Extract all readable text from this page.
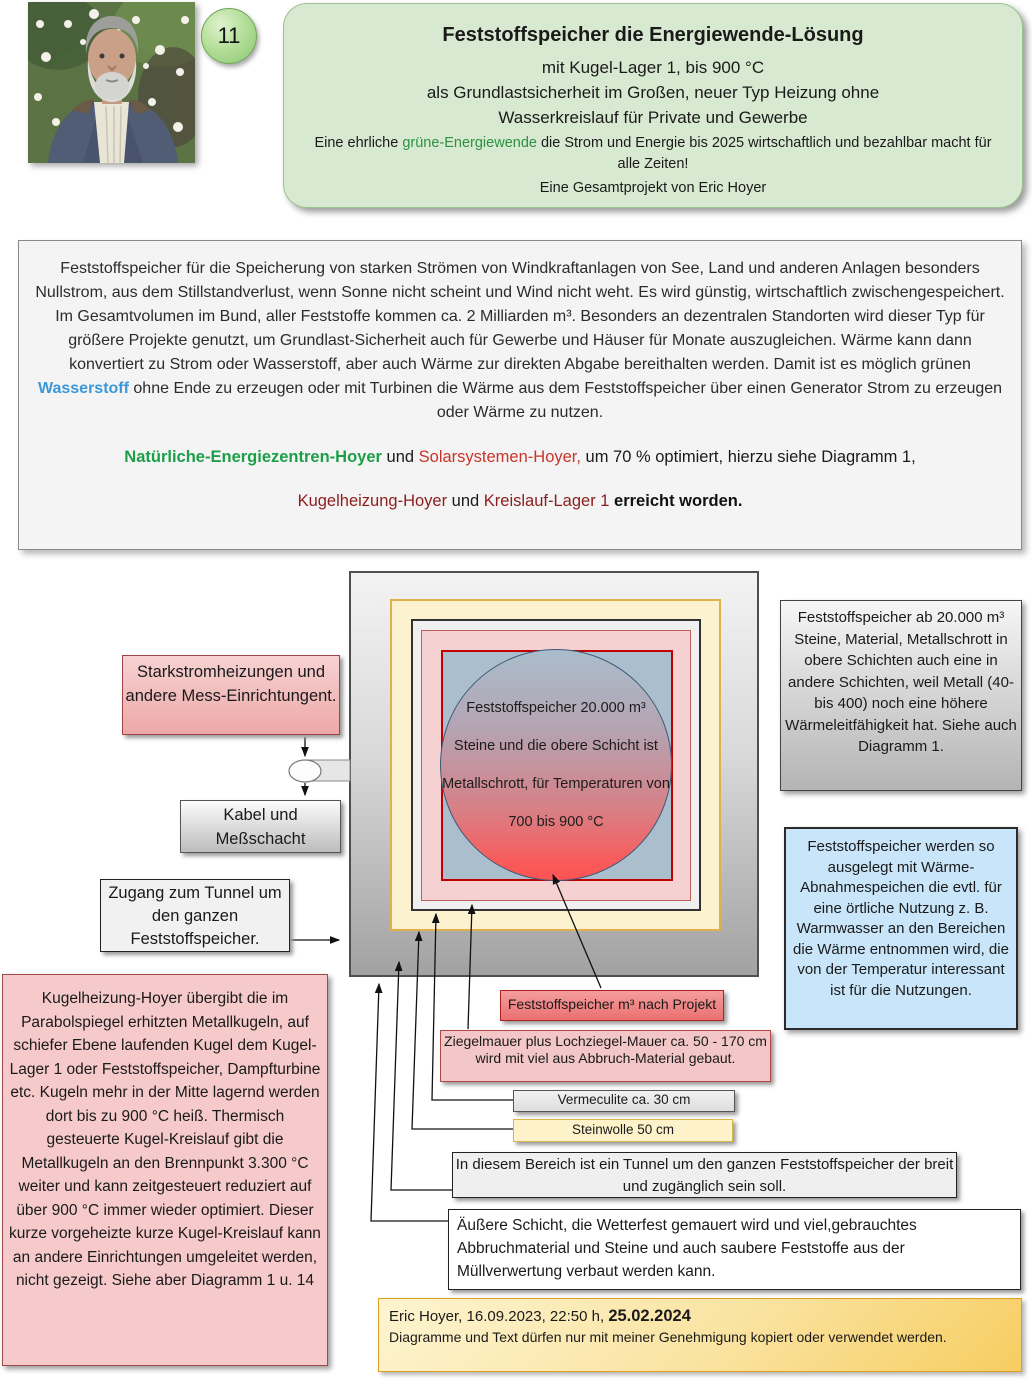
11	Feststoffspeicher die Energiewende-Lösung
mit Kugel-Lager 1, bis 900 °C
als Grundlastsicherheit im Großen, neuer Typ Heizung ohne
Wasserkreislauf für Private und Gewerbe
Eine ehrliche grüne-Energiewende die Strom und Energie bis 2025 wirtschaftlich und bezahlbar macht für alle Zeiten!
Eine Gesamtprojekt von Eric Hoyer

Feststoffspeicher für die Speicherung von starken Strömen von Windkraftanlagen von See, Land und anderen Anlagen besonders Nullstrom, aus dem Stillstandverlust, wenn Sonne nicht scheint und Wind nicht weht. Es wird günstig, wirtschaftlich zwischengespeichert. Im Gesamtvolumen im Bund, aller Feststoffe kommen ca. 2 Milliarden m³. Besonders an dezentralen Standorten wird dieser Typ für größere Projekte genutzt, um Grundlast-Sicherheit auch für Gewerbe und Häuser für Monate auszugleichen. Wärme kann dann konvertiert zu Strom oder Wasserstoff, aber auch Wärme zur direkten Abgabe bereithalten werden. Damit ist es möglich grünen Wasserstoff ohne Ende zu erzeugen oder mit Turbinen die Wärme aus dem Feststoffspeicher über einen Generator Strom zu erzeugen oder Wärme zu nutzen.

Natürliche-Energiezentren-Hoyer und Solarsystemen-Hoyer, um 70 % optimiert, hierzu siehe Diagramm 1,

Kugelheizung-Hoyer und Kreislauf-Lager 1 erreicht worden.

Feststoffspeicher 20.000 m³
Steine und die obere Schicht ist
Metallschrott, für Temperaturen von
700 bis 900 °C
Starkstromheizungen und andere Mess-Einrichtungent.
Kabel und Meßschacht
Zugang zum Tunnel um den ganzen Feststoffspeicher.
Feststoffspeicher ab 20.000 m³ Steine, Material, Metallschrott in obere Schichten auch eine in andere Schichten, weil Metall (40-bis 400) noch eine höhere Wärmeleitfähigkeit hat. Siehe auch Diagramm 1.
Feststoffspeicher werden so ausgelegt mit Wärme-Abnahmespeichen die evtl. für eine örtliche Nutzung z. B. Warmwasser an den Bereichen die Wärme entnommen wird, die von der Temperatur interessant ist für die Nutzungen.
Kugelheizung-Hoyer übergibt die im Parabolspiegel erhitzten Metallkugeln, auf schiefer Ebene laufenden Kugel dem Kugel-Lager 1 oder Feststoffspeicher, Dampfturbine etc. Kugeln mehr in der Mitte lagernd werden dort bis zu 900 °C heiß. Thermisch gesteuerte Kugel-Kreislauf gibt die Metallkugeln an den Brennpunkt 3.300 °C weiter und kann zeitgesteuert reduziert auf über 900 °C immer wieder optimiert. Dieser kurze vorgeheizte kurze Kugel-Kreislauf kann an andere Einrichtungen umgeleitet werden, nicht gezeigt. Siehe aber Diagramm 1 u. 14
Feststoffspeicher m³ nach Projekt
Ziegelmauer plus Lochziegel-Mauer ca. 50 - 170 cm wird mit viel aus Abbruch-Material gebaut.
Vermeculite ca. 30 cm
Steinwolle 50 cm
In diesem Bereich ist ein Tunnel um den ganzen Feststoffspeicher der breit und zugänglich sein soll.
Äußere Schicht, die Wetterfest gemauert wird und viel,gebrauchtes Abbruchmaterial und Steine und auch saubere Feststoffe aus der Müllverwertung verbaut werden kann.
Eric Hoyer, 16.09.2023, 22:50 h, 25.02.2024
Diagramme und Text dürfen nur mit meiner Genehmigung kopiert oder verwendet werden.
